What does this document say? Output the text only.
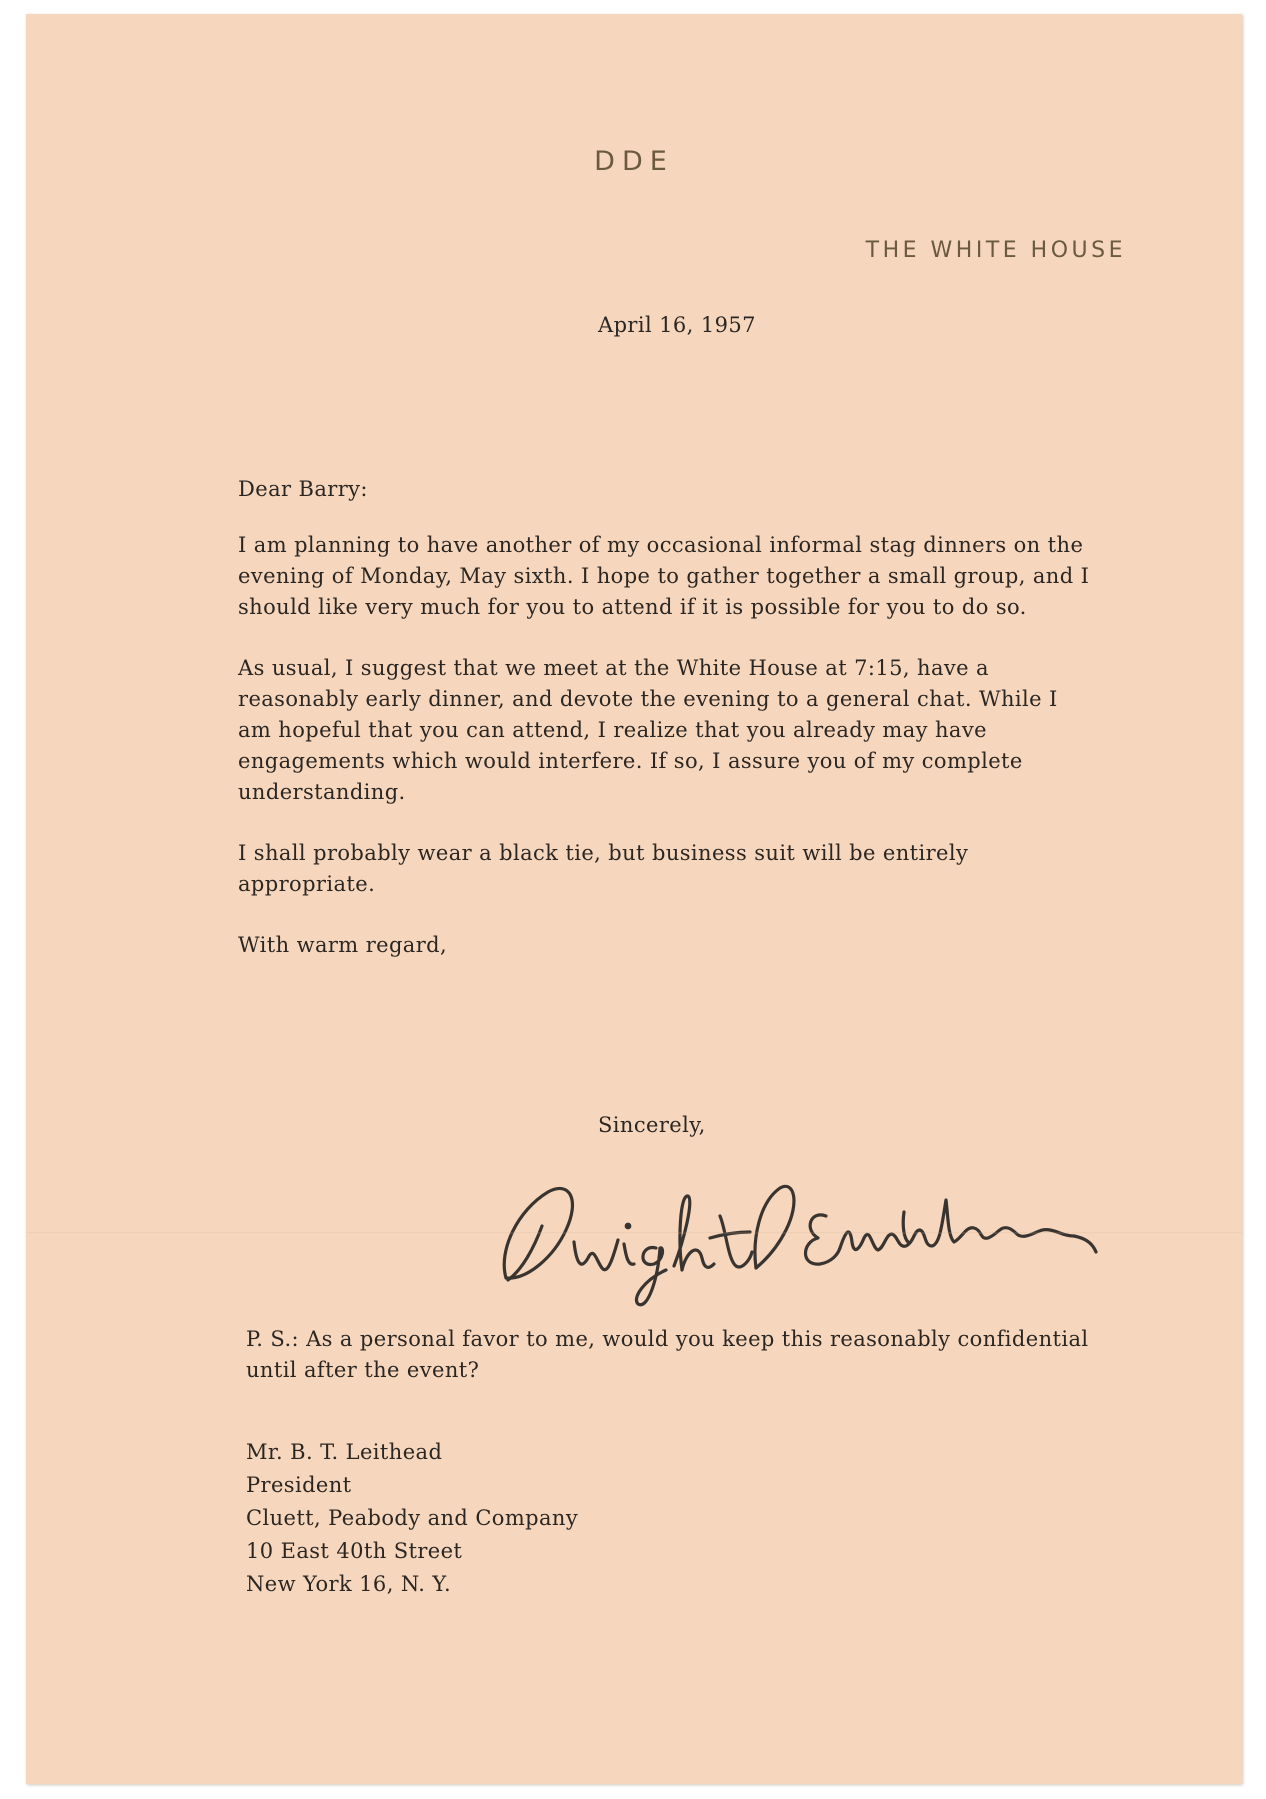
DDE
THE WHITE HOUSE
April 16, 1957
Dear Barry:

I am planning to have another of my occasional informal stag dinners on the evening of Monday, May sixth. I hope to gather together a small group, and I should like very much for you to attend if it is possible for you to do so.

As usual, I suggest that we meet at the White House at 7:15, have a reasonably early dinner, and devote the evening to a general chat. While I am hopeful that you can attend, I realize that you already may have engagements which would interfere. If so, I assure you of my complete understanding.

I shall probably wear a black tie, but business suit will be entirely appropriate.

With warm regard,

Sincerely,
P. S.: As a personal favor to me, would you keep this reasonably confidential until after the event?
Mr. B. T. Leithead
President
Cluett, Peabody and Company
10 East 40th Street
New York 16, N. Y.
